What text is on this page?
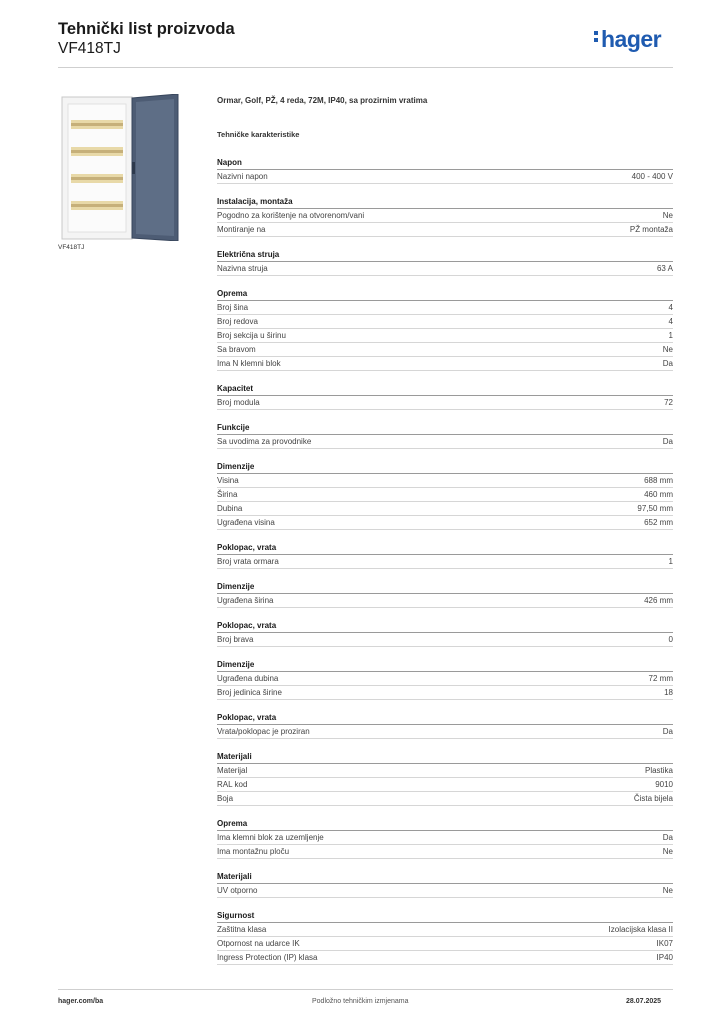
Tehnički list proizvoda
VF418TJ	hager
VF418TJ
Ormar, Golf, PŽ, 4 reda, 72M, IP40, sa prozirnim vratima
Tehničke karakteristike
Napon
Nazivni napon	400 - 400 V
Instalacija, montaža
Pogodno za korištenje na otvorenom/vani	Ne
Montiranje na	PŽ montaža
Električna struja
Nazivna struja	63 A
Oprema
Broj šina	4
Broj redova	4
Broj sekcija u širinu	1
Sa bravom	Ne
Ima N klemni blok	Da
Kapacitet
Broj modula	72
Funkcije
Sa uvodima za provodnike	Da
Dimenzije
Visina	688 mm
Širina	460 mm
Dubina	97,50 mm
Ugrađena visina	652 mm
Poklopac, vrata
Broj vrata ormara	1
Dimenzije
Ugrađena širina	426 mm
Poklopac, vrata
Broj brava	0
Dimenzije
Ugrađena dubina	72 mm
Broj jedinica širine	18
Poklopac, vrata
Vrata/poklopac je proziran	Da
Materijali
Materijal	Plastika
RAL kod	9010
Boja	Čista bijela
Oprema
Ima klemni blok za uzemljenje	Da
Ima montažnu ploču	Ne
Materijali
UV otporno	Ne
Sigurnost
Zaštitna klasa	Izolacijska klasa II
Otpornost na udarce IK	IK07
Ingress Protection (IP) klasa	IP40
hager.com/ba	Podložno tehničkim izmjenama	28.07.2025
